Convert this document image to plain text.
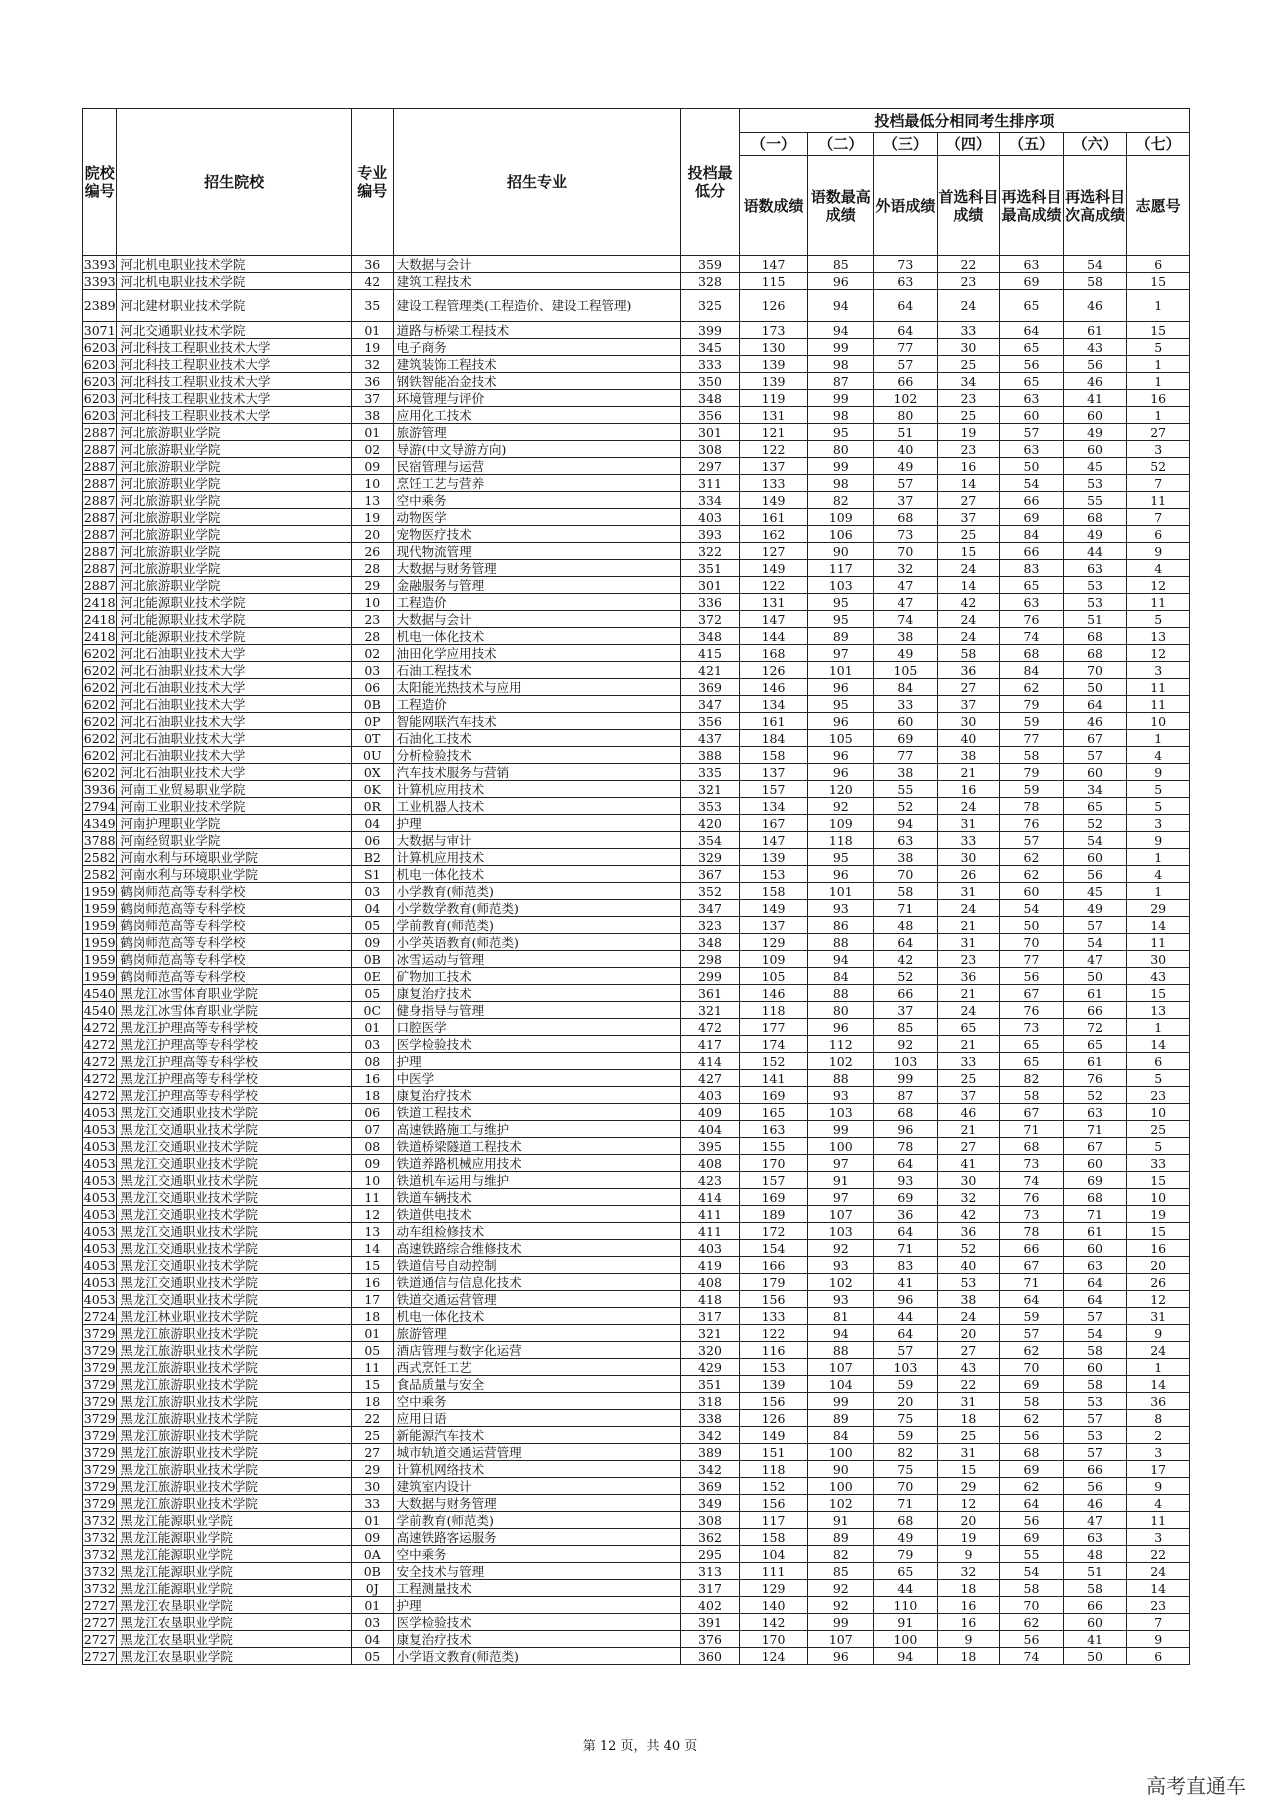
院校编号	招生院校	专业编号	招生专业	投档最低分	投档最低分相同考生排序项						
					（一）	（二）	（三）	（四）	（五）	（六）	（七）
					语数成绩	语数最高成绩	外语成绩	首选科目成绩	再选科目最高成绩	再选科目次高成绩	志愿号
3393	河北机电职业技术学院	36	大数据与会计	359	147	85	73	22	63	54	6
3393	河北机电职业技术学院	42	建筑工程技术	328	115	96	63	23	69	58	15
2389	河北建材职业技术学院	35	建设工程管理类(工程造价、建设工程管理)	325	126	94	64	24	65	46	1
3071	河北交通职业技术学院	01	道路与桥梁工程技术	399	173	94	64	33	64	61	15
6203	河北科技工程职业技术大学	19	电子商务	345	130	99	77	30	65	43	5
6203	河北科技工程职业技术大学	32	建筑装饰工程技术	333	139	98	57	25	56	56	1
6203	河北科技工程职业技术大学	36	钢铁智能冶金技术	350	139	87	66	34	65	46	1
6203	河北科技工程职业技术大学	37	环境管理与评价	348	119	99	102	23	63	41	16
6203	河北科技工程职业技术大学	38	应用化工技术	356	131	98	80	25	60	60	1
2887	河北旅游职业学院	01	旅游管理	301	121	95	51	19	57	49	27
2887	河北旅游职业学院	02	导游(中文导游方向)	308	122	80	40	23	63	60	3
2887	河北旅游职业学院	09	民宿管理与运营	297	137	99	49	16	50	45	52
2887	河北旅游职业学院	10	烹饪工艺与营养	311	133	98	57	14	54	53	7
2887	河北旅游职业学院	13	空中乘务	334	149	82	37	27	66	55	11
2887	河北旅游职业学院	19	动物医学	403	161	109	68	37	69	68	7
2887	河北旅游职业学院	20	宠物医疗技术	393	162	106	73	25	84	49	6
2887	河北旅游职业学院	26	现代物流管理	322	127	90	70	15	66	44	9
2887	河北旅游职业学院	28	大数据与财务管理	351	149	117	32	24	83	63	4
2887	河北旅游职业学院	29	金融服务与管理	301	122	103	47	14	65	53	12
2418	河北能源职业技术学院	10	工程造价	336	131	95	47	42	63	53	11
2418	河北能源职业技术学院	23	大数据与会计	372	147	95	74	24	76	51	5
2418	河北能源职业技术学院	28	机电一体化技术	348	144	89	38	24	74	68	13
6202	河北石油职业技术大学	02	油田化学应用技术	415	168	97	49	58	68	68	12
6202	河北石油职业技术大学	03	石油工程技术	421	126	101	105	36	84	70	3
6202	河北石油职业技术大学	06	太阳能光热技术与应用	369	146	96	84	27	62	50	11
6202	河北石油职业技术大学	0B	工程造价	347	134	95	33	37	79	64	11
6202	河北石油职业技术大学	0P	智能网联汽车技术	356	161	96	60	30	59	46	10
6202	河北石油职业技术大学	0T	石油化工技术	437	184	105	69	40	77	67	1
6202	河北石油职业技术大学	0U	分析检验技术	388	158	96	77	38	58	57	4
6202	河北石油职业技术大学	0X	汽车技术服务与营销	335	137	96	38	21	79	60	9
3936	河南工业贸易职业学院	0K	计算机应用技术	321	157	120	55	16	59	34	5
2794	河南工业职业技术学院	0R	工业机器人技术	353	134	92	52	24	78	65	5
4349	河南护理职业学院	04	护理	420	167	109	94	31	76	52	3
3788	河南经贸职业学院	06	大数据与审计	354	147	118	63	33	57	54	9
2582	河南水利与环境职业学院	B2	计算机应用技术	329	139	95	38	30	62	60	1
2582	河南水利与环境职业学院	S1	机电一体化技术	367	153	96	70	26	62	56	4
1959	鹤岗师范高等专科学校	03	小学教育(师范类)	352	158	101	58	31	60	45	1
1959	鹤岗师范高等专科学校	04	小学数学教育(师范类)	347	149	93	71	24	54	49	29
1959	鹤岗师范高等专科学校	05	学前教育(师范类)	323	137	86	48	21	50	57	14
1959	鹤岗师范高等专科学校	09	小学英语教育(师范类)	348	129	88	64	31	70	54	11
1959	鹤岗师范高等专科学校	0B	冰雪运动与管理	298	109	94	42	23	77	47	30
1959	鹤岗师范高等专科学校	0E	矿物加工技术	299	105	84	52	36	56	50	43
4540	黑龙江冰雪体育职业学院	05	康复治疗技术	361	146	88	66	21	67	61	15
4540	黑龙江冰雪体育职业学院	0C	健身指导与管理	321	118	80	37	24	76	66	13
4272	黑龙江护理高等专科学校	01	口腔医学	472	177	96	85	65	73	72	1
4272	黑龙江护理高等专科学校	03	医学检验技术	417	174	112	92	21	65	65	14
4272	黑龙江护理高等专科学校	08	护理	414	152	102	103	33	65	61	6
4272	黑龙江护理高等专科学校	16	中医学	427	141	88	99	25	82	76	5
4272	黑龙江护理高等专科学校	18	康复治疗技术	403	169	93	87	37	58	52	23
4053	黑龙江交通职业技术学院	06	铁道工程技术	409	165	103	68	46	67	63	10
4053	黑龙江交通职业技术学院	07	高速铁路施工与维护	404	163	99	96	21	71	71	25
4053	黑龙江交通职业技术学院	08	铁道桥梁隧道工程技术	395	155	100	78	27	68	67	5
4053	黑龙江交通职业技术学院	09	铁道养路机械应用技术	408	170	97	64	41	73	60	33
4053	黑龙江交通职业技术学院	10	铁道机车运用与维护	423	157	91	93	30	74	69	15
4053	黑龙江交通职业技术学院	11	铁道车辆技术	414	169	97	69	32	76	68	10
4053	黑龙江交通职业技术学院	12	铁道供电技术	411	189	107	36	42	73	71	19
4053	黑龙江交通职业技术学院	13	动车组检修技术	411	172	103	64	36	78	61	15
4053	黑龙江交通职业技术学院	14	高速铁路综合维修技术	403	154	92	71	52	66	60	16
4053	黑龙江交通职业技术学院	15	铁道信号自动控制	419	166	93	83	40	67	63	20
4053	黑龙江交通职业技术学院	16	铁道通信与信息化技术	408	179	102	41	53	71	64	26
4053	黑龙江交通职业技术学院	17	铁道交通运营管理	418	156	93	96	38	64	64	12
2724	黑龙江林业职业技术学院	18	机电一体化技术	317	133	81	44	24	59	57	31
3729	黑龙江旅游职业技术学院	01	旅游管理	321	122	94	64	20	57	54	9
3729	黑龙江旅游职业技术学院	05	酒店管理与数字化运营	320	116	88	57	27	62	58	24
3729	黑龙江旅游职业技术学院	11	西式烹饪工艺	429	153	107	103	43	70	60	1
3729	黑龙江旅游职业技术学院	15	食品质量与安全	351	139	104	59	22	69	58	14
3729	黑龙江旅游职业技术学院	18	空中乘务	318	156	99	20	31	58	53	36
3729	黑龙江旅游职业技术学院	22	应用日语	338	126	89	75	18	62	57	8
3729	黑龙江旅游职业技术学院	25	新能源汽车技术	342	149	84	59	25	56	53	2
3729	黑龙江旅游职业技术学院	27	城市轨道交通运营管理	389	151	100	82	31	68	57	3
3729	黑龙江旅游职业技术学院	29	计算机网络技术	342	118	90	75	15	69	66	17
3729	黑龙江旅游职业技术学院	30	建筑室内设计	369	152	100	70	29	62	56	9
3729	黑龙江旅游职业技术学院	33	大数据与财务管理	349	156	102	71	12	64	46	4
3732	黑龙江能源职业学院	01	学前教育(师范类)	308	117	91	68	20	56	47	11
3732	黑龙江能源职业学院	09	高速铁路客运服务	362	158	89	49	19	69	63	3
3732	黑龙江能源职业学院	0A	空中乘务	295	104	82	79	9	55	48	22
3732	黑龙江能源职业学院	0B	安全技术与管理	313	111	85	65	32	54	51	24
3732	黑龙江能源职业学院	0J	工程测量技术	317	129	92	44	18	58	58	14
2727	黑龙江农垦职业学院	01	护理	402	140	92	110	16	70	66	23
2727	黑龙江农垦职业学院	03	医学检验技术	391	142	99	91	16	62	60	7
2727	黑龙江农垦职业学院	04	康复治疗技术	376	170	107	100	9	56	41	9
2727	黑龙江农垦职业学院	05	小学语文教育(师范类)	360	124	96	94	18	74	50	6
第 12 页，共 40 页
高考直通车
